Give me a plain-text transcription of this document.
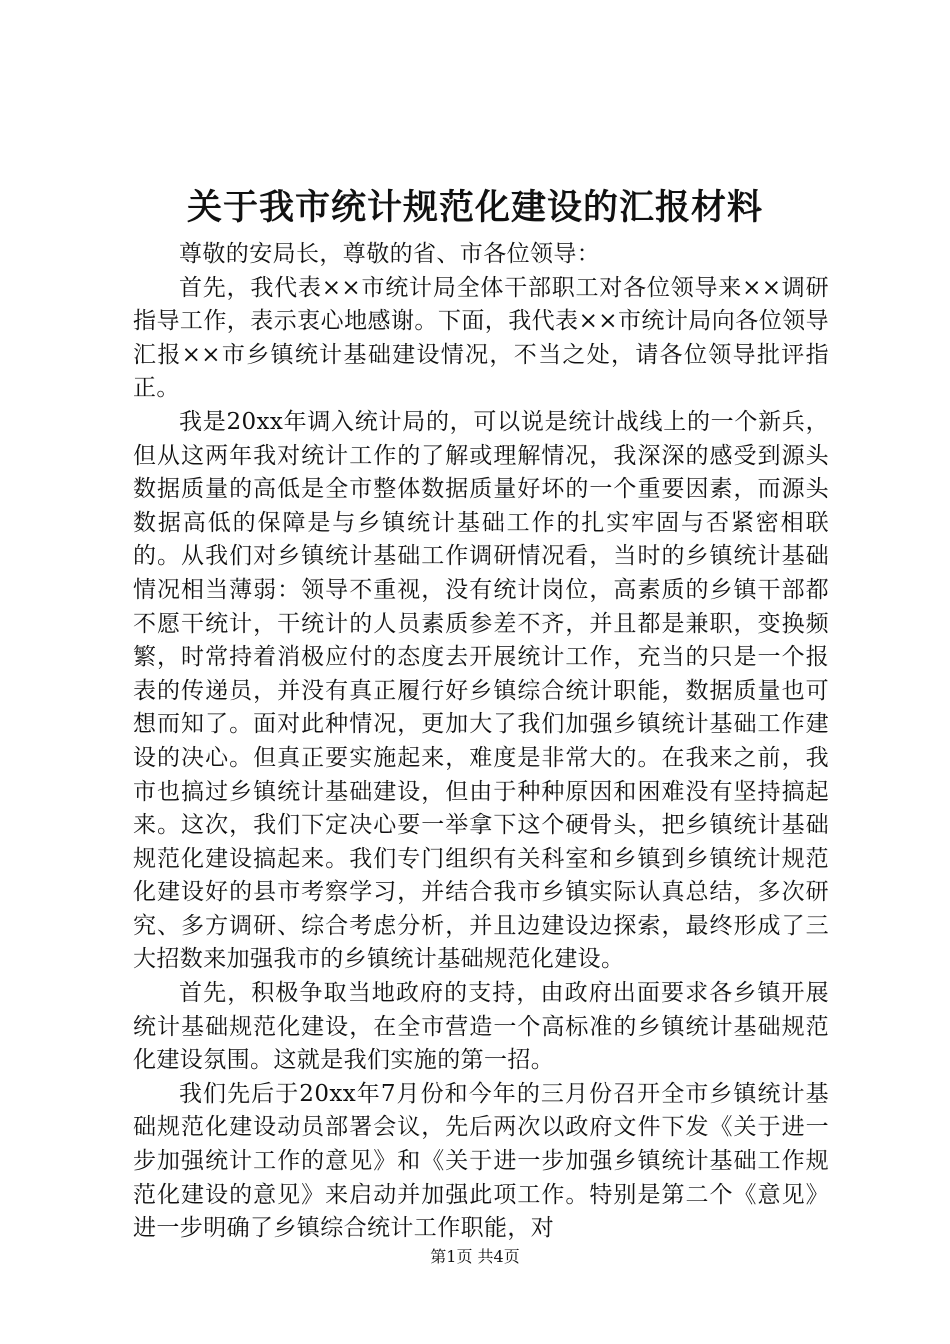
关于我市统计规范化建设的汇报材料

尊敬的安局长，尊敬的省、市各位领导：

首先，我代表××市统计局全体干部职工对各位领导来××调研指导工作，表示衷心地感谢。下面，我代表××市统计局向各位领导汇报××市乡镇统计基础建设情况，不当之处，请各位领导批评指正。

我是20xx年调入统计局的，可以说是统计战线上的一个新兵，但从这两年我对统计工作的了解或理解情况，我深深的感受到源头数据质量的高低是全市整体数据质量好坏的一个重要因素，而源头数据高低的保障是与乡镇统计基础工作的扎实牢固与否紧密相联的。从我们对乡镇统计基础工作调研情况看，当时的乡镇统计基础情况相当薄弱：领导不重视，没有统计岗位，高素质的乡镇干部都不愿干统计，干统计的人员素质参差不齐，并且都是兼职，变换频繁，时常持着消极应付的态度去开展统计工作，充当的只是一个报表的传递员，并没有真正履行好乡镇综合统计职能，数据质量也可想而知了。面对此种情况，更加大了我们加强乡镇统计基础工作建设的决心。但真正要实施起来，难度是非常大的。在我来之前，我市也搞过乡镇统计基础建设，但由于种种原因和困难没有坚持搞起来。这次，我们下定决心要一举拿下这个硬骨头，把乡镇统计基础规范化建设搞起来。我们专门组织有关科室和乡镇到乡镇统计规范化建设好的县市考察学习，并结合我市乡镇实际认真总结，多次研究、多方调研、综合考虑分析，并且边建设边探索，最终形成了三大招数来加强我市的乡镇统计基础规范化建设。

首先，积极争取当地政府的支持，由政府出面要求各乡镇开展统计基础规范化建设，在全市营造一个高标准的乡镇统计基础规范化建设氛围。这就是我们实施的第一招。

我们先后于20xx年7月份和今年的三月份召开全市乡镇统计基础规范化建设动员部署会议，先后两次以政府文件下发《关于进一步加强统计工作的意见》和《关于进一步加强乡镇统计基础工作规范化建设的意见》来启动并加强此项工作。特别是第二个《意见》进一步明确了乡镇综合统计工作职能，对

第1页 共4页
